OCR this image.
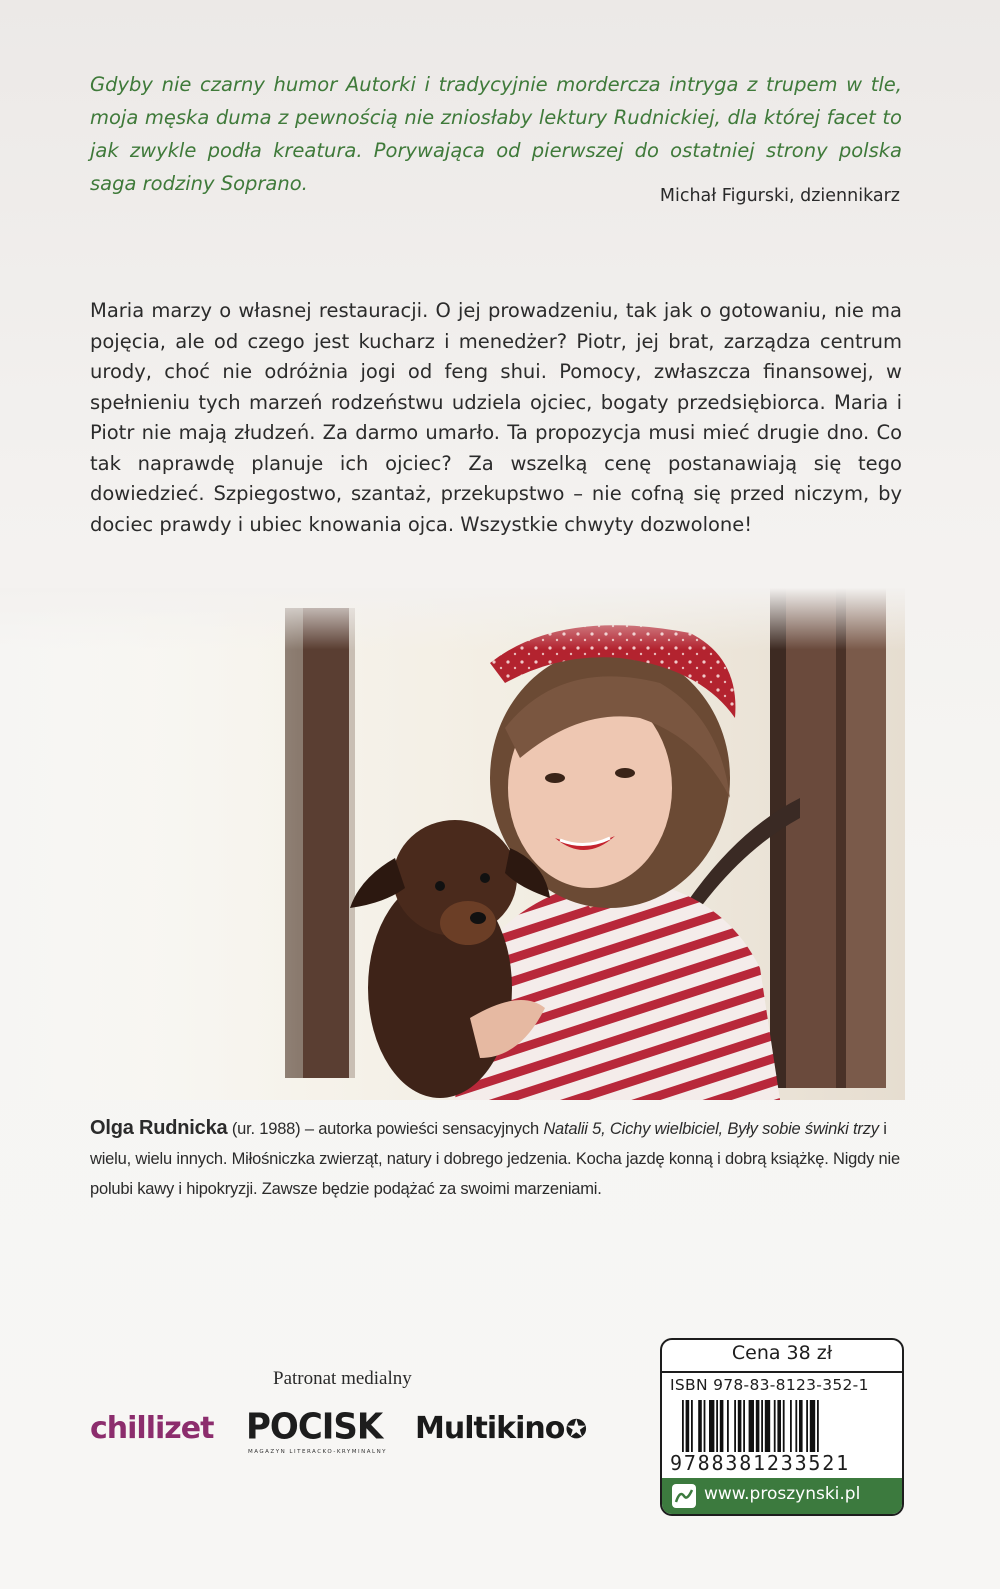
Gdyby nie czarny humor Autorki i tradycyjnie mordercza intryga z trupem w tle, moja męska duma z pewnością nie zniosłaby lektury Rudnickiej, dla której facet to jak zwykle podła kreatura. Porywająca od pierwszej do ostatniej strony polska saga rodziny Soprano.

Michał Figurski, dziennikarz

Maria marzy o własnej restauracji. O jej prowadzeniu, tak jak o gotowaniu, nie ma pojęcia, ale od czego jest kucharz i menedżer? Piotr, jej brat, zarządza centrum urody, choć nie odróżnia jogi od feng shui. Pomocy, zwłaszcza finansowej, w spełnieniu tych marzeń rodzeństwu udziela ojciec, bogaty przedsiębiorca. Maria i Piotr nie mają złudzeń. Za darmo umarło. Ta propozycja musi mieć drugie dno. Co tak naprawdę planuje ich ojciec? Za wszelką cenę postanawiają się tego dowiedzieć. Szpiegostwo, szantaż, przekupstwo – nie cofną się przed niczym, by dociec prawdy i ubiec knowania ojca. Wszystkie chwyty dozwolone!

Olga Rudnicka (ur. 1988) – autorka powieści sensacyjnych Natalii 5, Cichy wielbiciel, Były sobie świnki trzy i wielu, wielu innych. Miłośniczka zwierząt, natury i dobrego jedzenia. Kocha jazdę konną i dobrą książkę. Nigdy nie polubi kawy i hipokryzji. Zawsze będzie podążać za swoimi marzeniami.

Patronat medialny
chillizet POCISK
MAGAZYN LITERACKO-KRYMINALNY
Multikino✪
Cena 38 zł
ISBN 978-83-8123-352-1
9788381233521
www.proszynski.pl
